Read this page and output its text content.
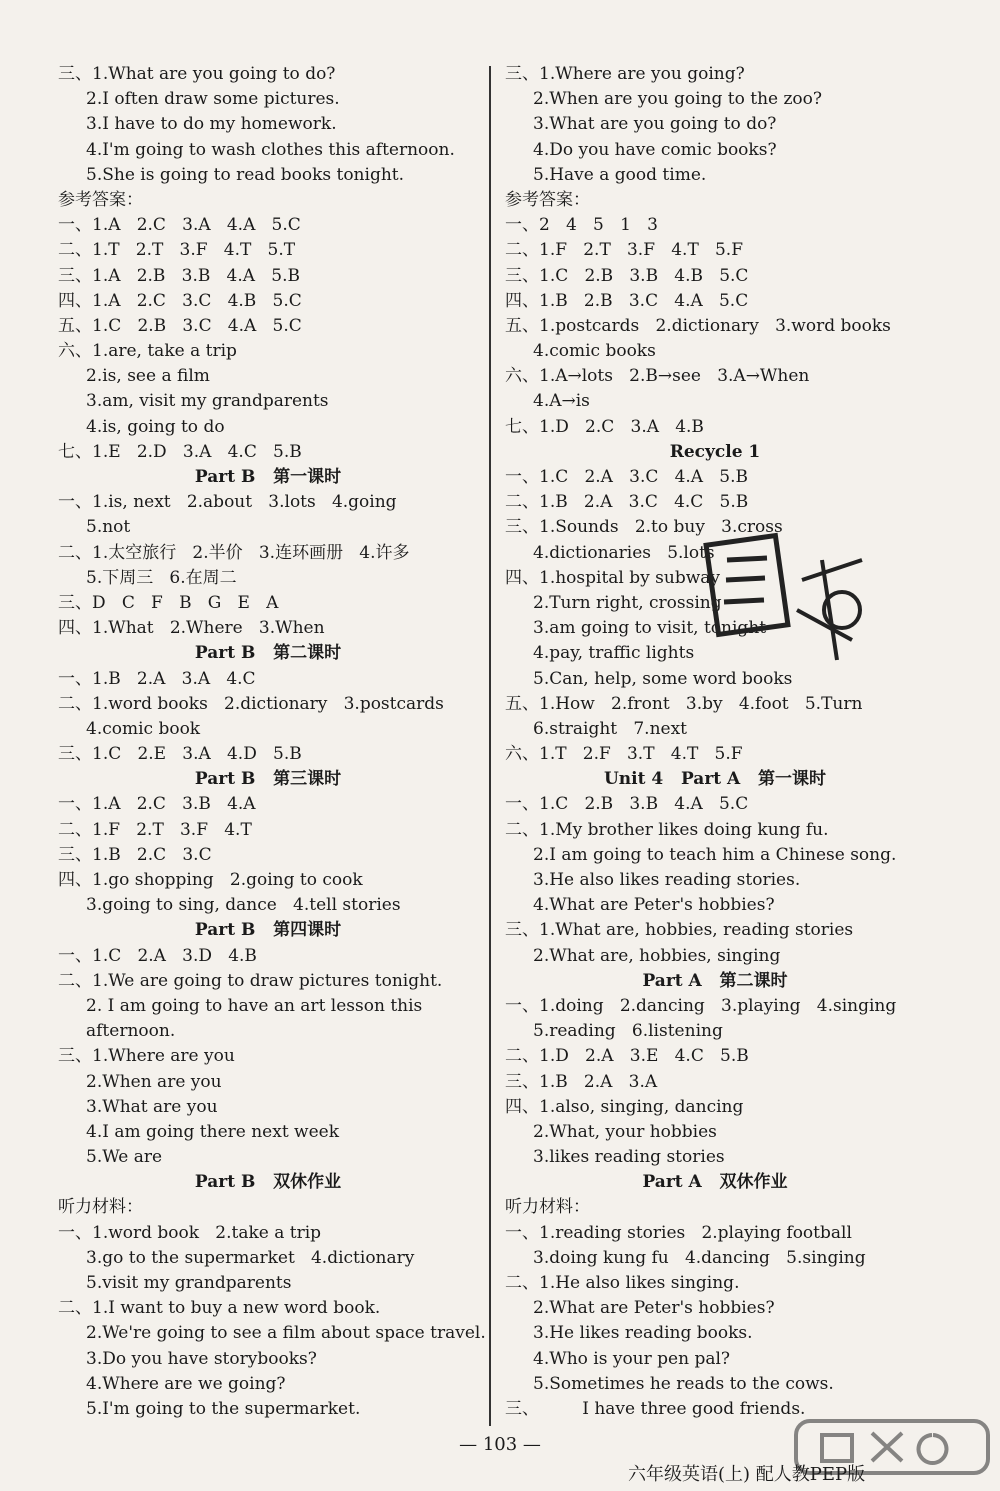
三、1.What are you going to do?
2.I often draw some pictures.
3.I have to do my homework.
4.I'm going to wash clothes this afternoon.
5.She is going to read books tonight.
参考答案：
一、1.A   2.C   3.A   4.A   5.C
二、1.T   2.T   3.F   4.T   5.T
三、1.A   2.B   3.B   4.A   5.B
四、1.A   2.C   3.C   4.B   5.C
五、1.C   2.B   3.C   4.A   5.C
六、1.are, take a trip
2.is, see a film
3.am, visit my grandparents
4.is, going to do
七、1.E   2.D   3.A   4.C   5.B
Part B   第一课时
一、1.is, next   2.about   3.lots   4.going
5.not
二、1.太空旅行   2.半价   3.连环画册   4.许多
5.下周三   6.在周二
三、D   C   F   B   G   E   A
四、1.What   2.Where   3.When
Part B   第二课时
一、1.B   2.A   3.A   4.C
二、1.word books   2.dictionary   3.postcards
4.comic book
三、1.C   2.E   3.A   4.D   5.B
Part B   第三课时
一、1.A   2.C   3.B   4.A
二、1.F   2.T   3.F   4.T
三、1.B   2.C   3.C
四、1.go shopping   2.going to cook
3.going to sing, dance   4.tell stories
Part B   第四课时
一、1.C   2.A   3.D   4.B
二、1.We are going to draw pictures tonight.
2. I am going to have an art lesson this
afternoon.
三、1.Where are you
2.When are you
3.What are you
4.I am going there next week
5.We are
Part B   双休作业
听力材料：
一、1.word book   2.take a trip
3.go to the supermarket   4.dictionary
5.visit my grandparents
二、1.I want to buy a new word book.
2.We're going to see a film about space travel.
3.Do you have storybooks?
4.Where are we going?
5.I'm going to the supermarket.
三、1.Where are you going?
2.When are you going to the zoo?
3.What are you going to do?
4.Do you have comic books?
5.Have a good time.
参考答案：
一、2   4   5   1   3
二、1.F   2.T   3.F   4.T   5.F
三、1.C   2.B   3.B   4.B   5.C
四、1.B   2.B   3.C   4.A   5.C
五、1.postcards   2.dictionary   3.word books
4.comic books
六、1.A→lots   2.B→see   3.A→When
4.A→is
七、1.D   2.C   3.A   4.B
Recycle 1
一、1.C   2.A   3.C   4.A   5.B
二、1.B   2.A   3.C   4.C   5.B
三、1.Sounds   2.to buy   3.cross
4.dictionaries   5.lots
四、1.hospital by subway
2.Turn right, crossing
3.am going to visit, tonight
4.pay, traffic lights
5.Can, help, some word books
五、1.How   2.front   3.by   4.foot   5.Turn
6.straight   7.next
六、1.T   2.F   3.T   4.T   5.F
Unit 4   Part A   第一课时
一、1.C   2.B   3.B   4.A   5.C
二、1.My brother likes doing kung fu.
2.I am going to teach him a Chinese song.
3.He also likes reading stories.
4.What are Peter's hobbies?
三、1.What are, hobbies, reading stories
2.What are, hobbies, singing
Part A   第二课时
一、1.doing   2.dancing   3.playing   4.singing
5.reading   6.listening
二、1.D   2.A   3.E   4.C   5.B
三、1.B   2.A   3.A
四、1.also, singing, dancing
2.What, your hobbies
3.likes reading stories
Part A   双休作业
听力材料：
一、1.reading stories   2.playing football
3.doing kung fu   4.dancing   5.singing
二、1.He also likes singing.
2.What are Peter's hobbies?
3.He likes reading books.
4.Who is your pen pal?
5.Sometimes he reads to the cows.
三、        I have three good friends.
— 103 —
六年级英语(上) 配人教PEP版
